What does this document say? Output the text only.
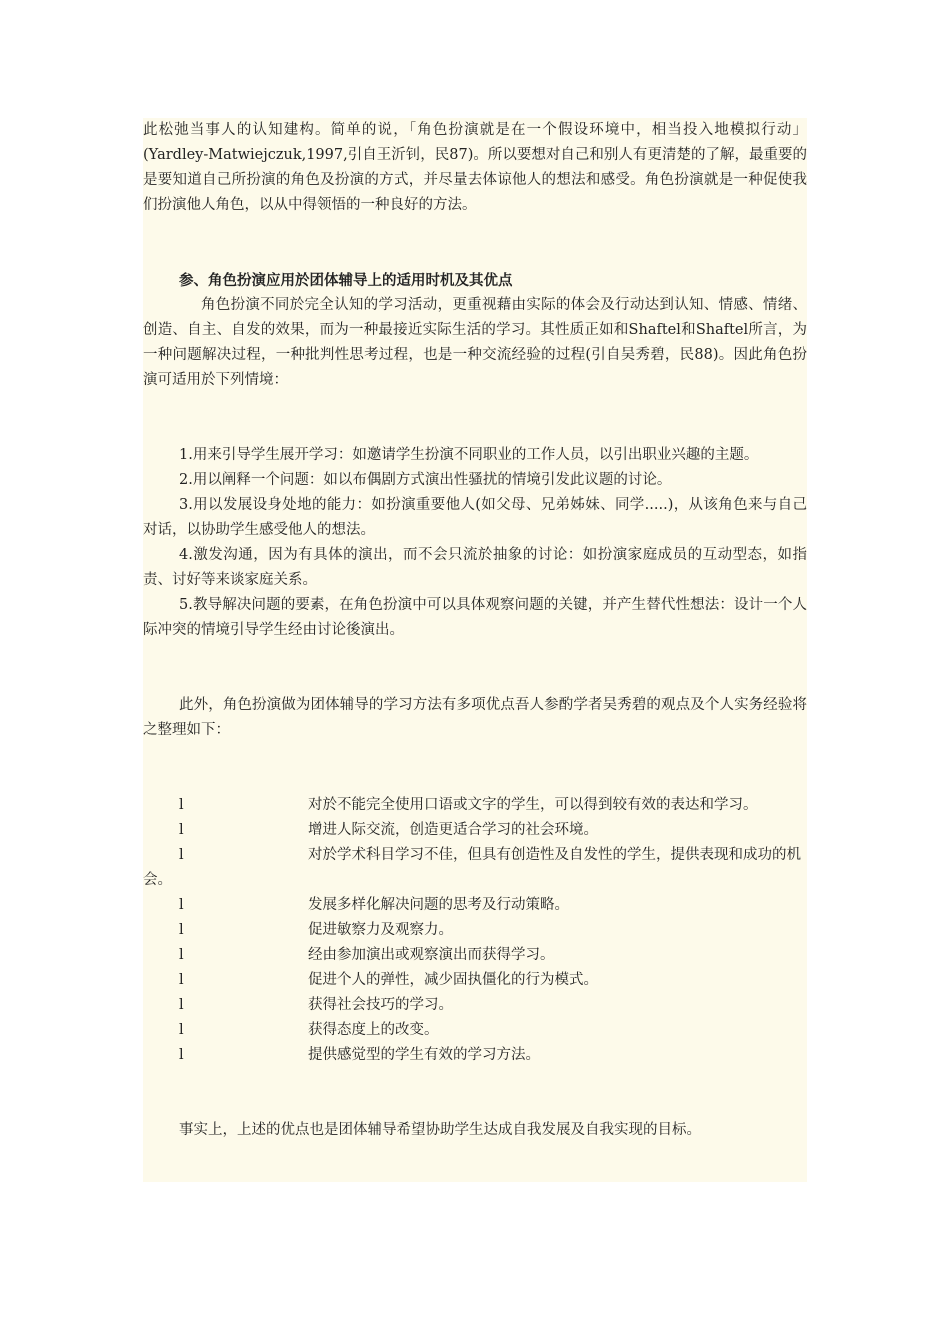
此松弛当事人的认知建构。简单的说，「角色扮演就是在一个假设环境中，相当投入地模拟行动」(Yardley-Matwiejczuk,1997,引自王沂钊，民87)。所以要想对自己和别人有更清楚的了解，最重要的是要知道自己所扮演的角色及扮演的方式，并尽量去体谅他人的想法和感受。角色扮演就是一种促使我们扮演他人角色，以从中得领悟的一种良好的方法。

参、角色扮演应用於团体辅导上的适用时机及其优点

角色扮演不同於完全认知的学习活动，更重视藉由实际的体会及行动达到认知、情感、情绪、创造、自主、自发的效果，而为一种最接近实际生活的学习。其性质正如和Shaftel和Shaftel所言，为一种问题解决过程，一种批判性思考过程，也是一种交流经验的过程(引自吴秀碧，民88)。因此角色扮演可适用於下列情境：

1.用来引导学生展开学习：如邀请学生扮演不同职业的工作人员，以引出职业兴趣的主题。

2.用以阐释一个问题：如以布偶剧方式演出性骚扰的情境引发此议题的讨论。

3.用以发展设身处地的能力：如扮演重要他人(如父母、兄弟姊妹、同学.....)，从该角色来与自己对话，以协助学生感受他人的想法。

4.激发沟通，因为有具体的演出，而不会只流於抽象的讨论：如扮演家庭成员的互动型态，如指责、讨好等来谈家庭关系。

5.教导解决问题的要素，在角色扮演中可以具体观察问题的关键，并产生替代性想法：设计一个人际冲突的情境引导学生经由讨论後演出。

此外，角色扮演做为团体辅导的学习方法有多项优点吾人参酌学者吴秀碧的观点及个人实务经验将之整理如下：

l	对於不能完全使用口语或文字的学生，可以得到较有效的表达和学习。

l	增进人际交流，创造更适合学习的社会环境。

l	对於学术科目学习不佳，但具有创造性及自发性的学生，提供表现和成功的机会。

l	发展多样化解决问题的思考及行动策略。

l	促进敏察力及观察力。

l	经由参加演出或观察演出而获得学习。

l	促进个人的弹性，减少固执僵化的行为模式。

l	获得社会技巧的学习。

l	获得态度上的改变。

l	提供感觉型的学生有效的学习方法。

事实上，上述的优点也是团体辅导希望协助学生达成自我发展及自我实现的目标。
